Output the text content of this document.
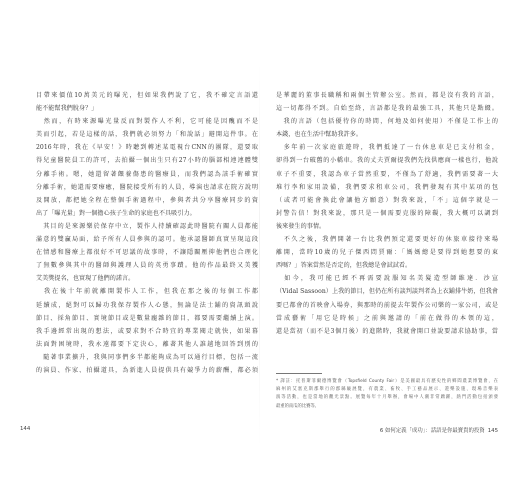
目帶來價值10萬美元的曝光，但如果我們說了它，我不確定言語還

能不能幫我們脫身？」

　然而，有時來源曝光量反而對製作人不利，它可能是因醜而不是

美而引起，若是這樣的話，我們就必須努力「和說話」避開這件事。在

2016年時，我在《早安！》時聽到轉述某電視台CNN的團隊，還要取

得兒童醫院員工的許可，去拍攝一個出生只有27小時的腦部相連連體雙

分離手術。嗯，她還留著餵養傷患的醫療員，而我們認為該手術確實

分離手術，她還需要療癒，醫院接受所有的人員，導演也請求在院方說明

及開放，都把她全程在整個手術過程中，參與者共分享醫療同步的資

出了「曝光量」對一個擔心孩子生命的家庭也不具吸引力。

　其目的是來源樂於保存中立，製作人持續確認此時醫院有關人員都能

滿意的雙贏局面，給予所有人員參與的認可。他承認醫師真實呈現這段

在情感和醫療上都很好不可思議的故事時，不讓隱關壓抑他們也合理化

了無數參與其中的醫師與護理人員的英勇事蹟。他的作品最終又美獲

艾美獎提名，也實現了他們的諾言。

　我在後十年前就離開製作人工作，但我在那之後的每個工作都

延續成，絕對可以歸功我保存製作人心態，無論是法士鋪的資訊頭說

節目、採角節目、實境節目或是數量龐雜的節目，都要需要繼續上演。

我手邊經常出現的想法，或要求對不合時宜的專業閱走就快，如果幕

法面對困境時，我永遠都要下定決心，離著其他人誰越地回答到別的

　隨著事業擴升，我與同事們多半都能夠成為可以通行目標，包括一流

的演員、作家、拍攝道具，為新進人員提供具有競爭力的薪酬，都必須

是華麗的董事長職稱和兩個主管辦公室。然而，都是沒有我的言語，

這一切都得不到。自始至終，言語都是我的最強工具，其他只是點綴。

　我的言語（包括優待你的時間，何地及如何使用）不僅是工作上的

本錢，也在生活中幫助我許多。

　多年前一次家庭旅遊時，我們抵達了一台休息車是已支付租金，

卻得到一台破舊的小轎車。我的丈夫賈爾提我們先找供應商一樣也行，他說

車子不重要，我認為車子當然重要，不僅為了舒適，我們需要著一大

堆行李和家用設備，我們要求租車公司，我們發現有其中某項的包

（或者可能會換此會讓他方願意）對我來說，「不」這個字就是一

封警告信！對我來說，那只是一個需要克服的障礙，我大概可以調到

後來發生的事情。

　不久之後，我們開著一台比我們預定還要更好的休旅車接待來場

離開，當時10歲的兒子傑西問賈爾：「媽媽總是要得到她想要的東

西嗎？」答案當然是否定的，但我總是會試試看。

　如今，我可能已經不再需要說服知名美髮造型師維達．沙宣

（Vidal Sassoon）上我的節目，但仍在所有談判談判者為上衣鋪排牛奶，但我會

要已都會的首映會入場券，與那時的前提去年製作公司樂的一家公司，或是

當成藝術「用它是時候」之前與邀請的「前在做得的本領的這，

還是當初（而不是3個月後）的進階時，我就會開口並說要請求協助事，當

* 譯註：托普斯菲爾德博覽會（Topsfield County Fair）是美國最具有歷史性的鄉間農業博覽會，在

麻州的艾塞克斯郡舉行的郡縣級展覽，有農業、畜牧、手工藝品展示、遊樂設施、現場音樂表

演等活動，也是當地的觀光景點。展覽每年十月舉辦，會場中人潮非常踴躍，熱門活動包括頒發

最重的南瓜的比賽等。

144	6 如何定義「成功」：話語是你最寶貴的投資 145
